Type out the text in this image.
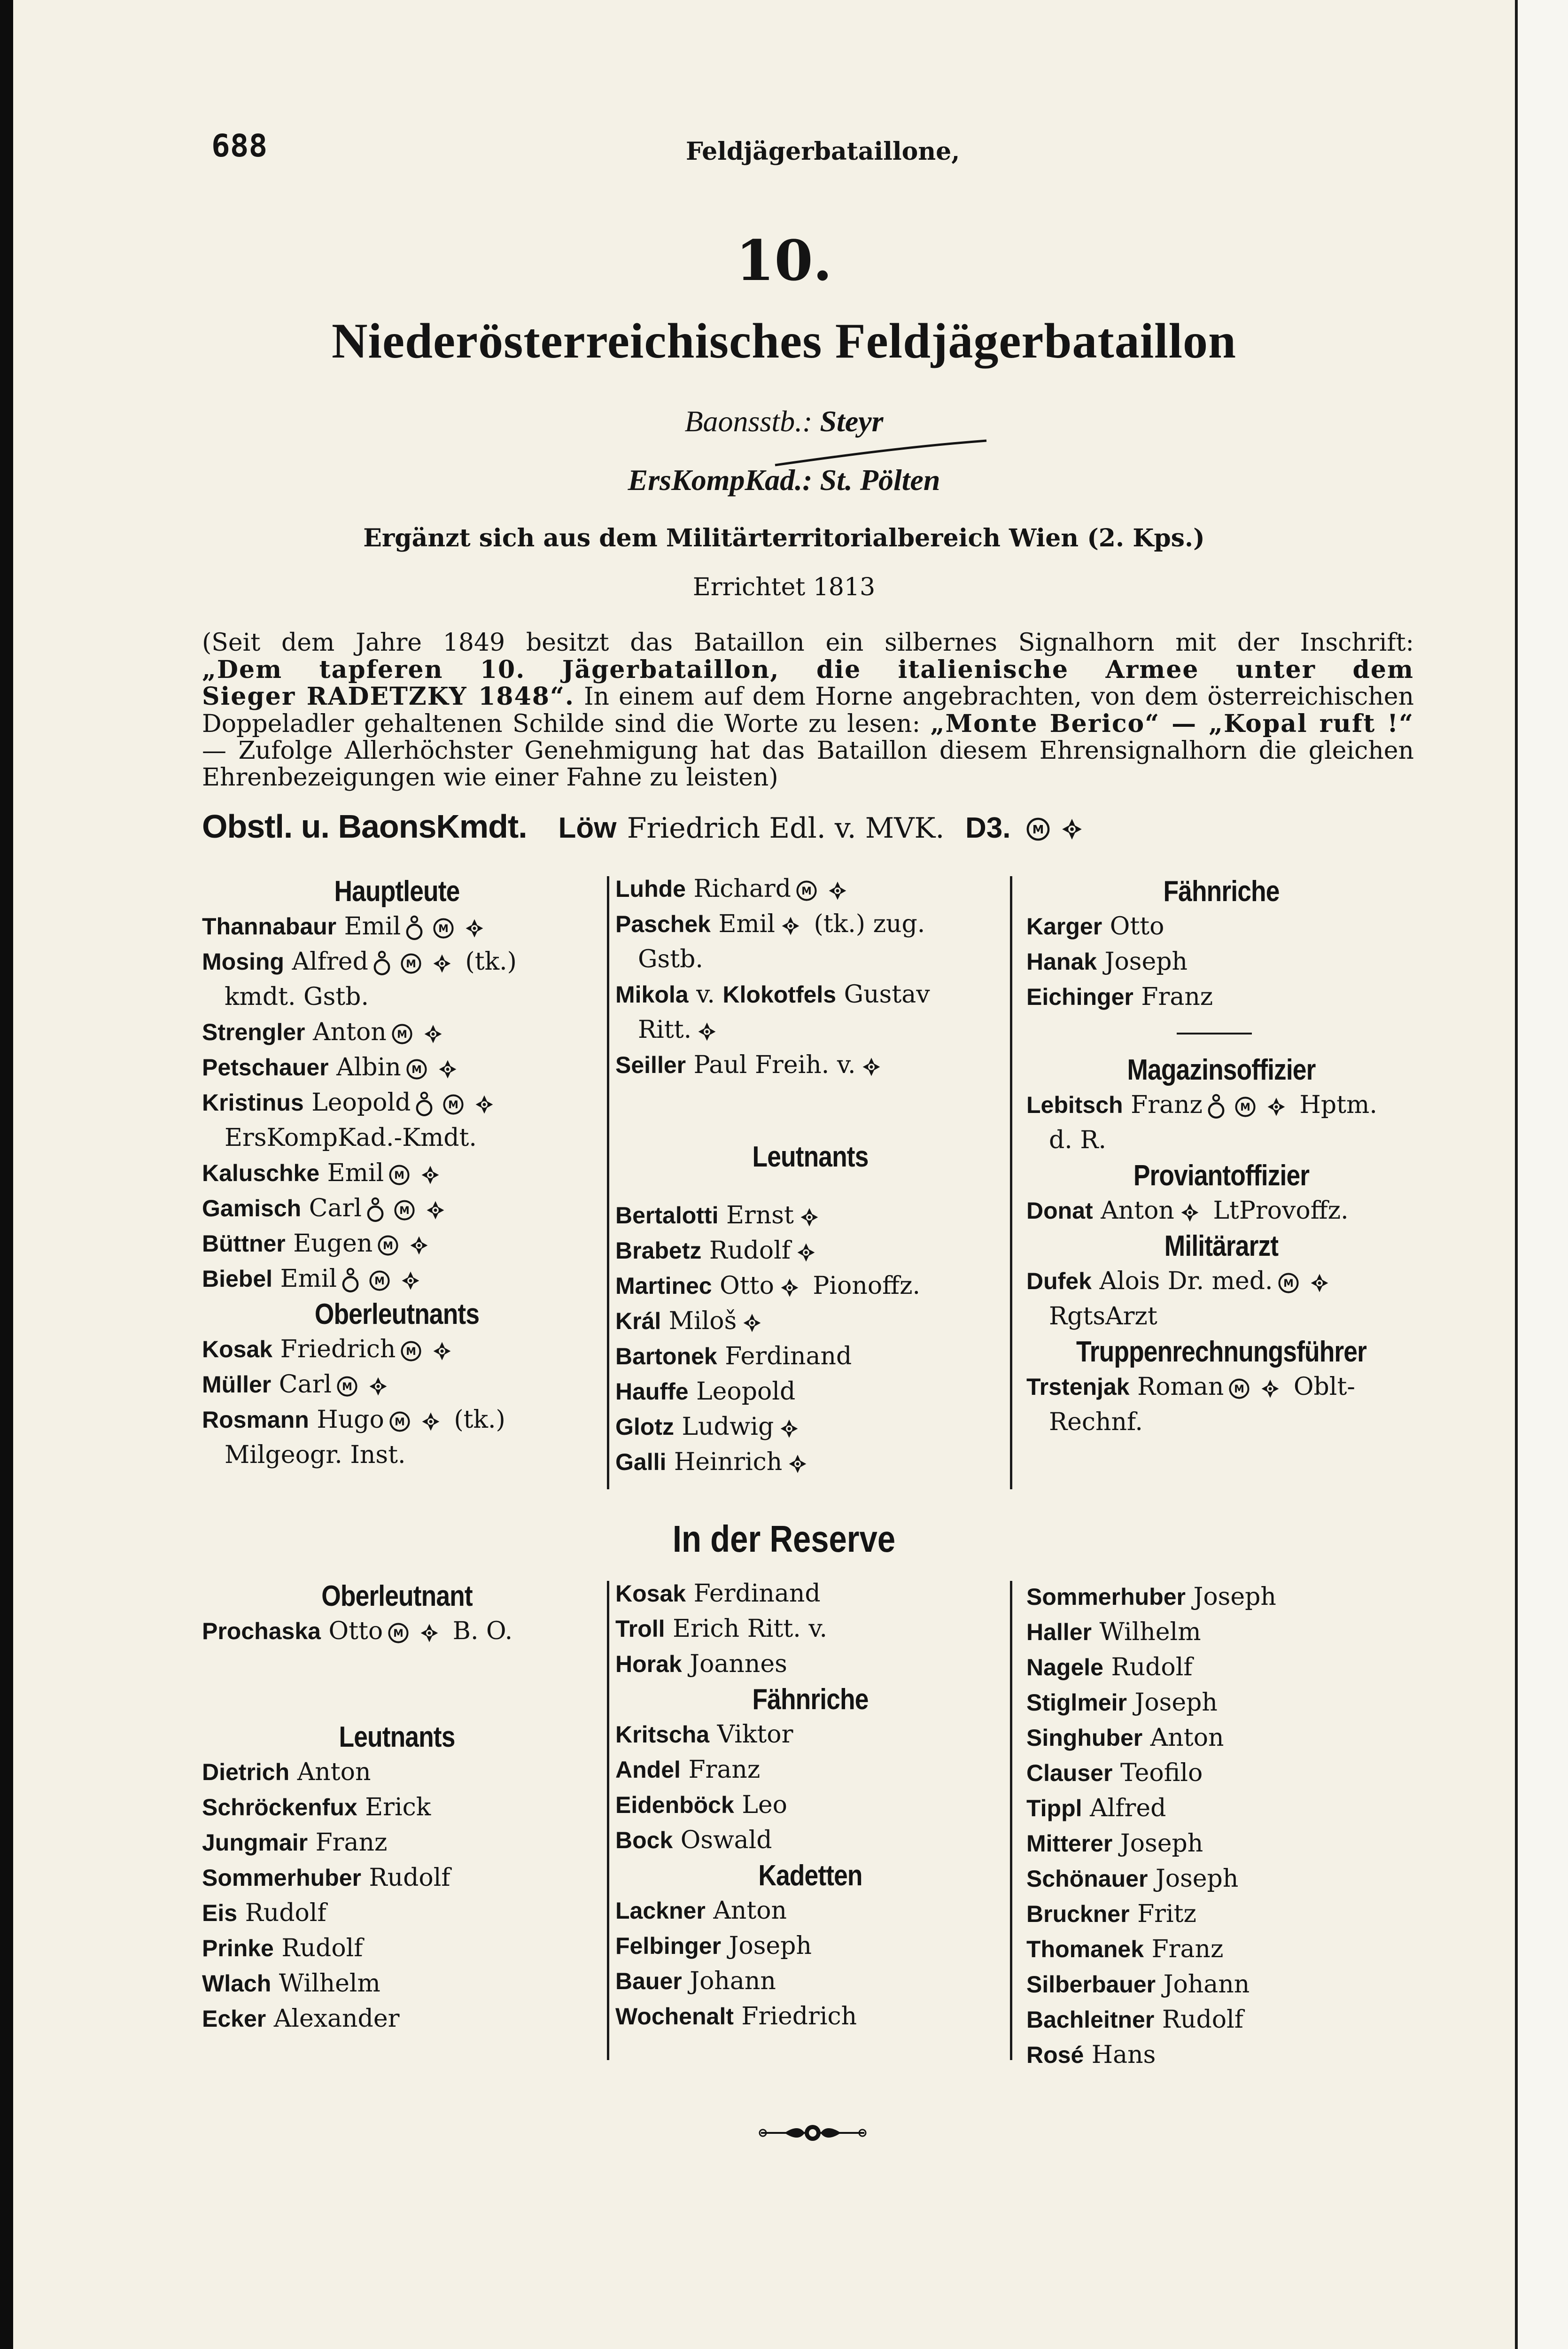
688	Feldjägerbataillone,
10.
Niederösterreichisches Feldjägerbataillon
Baonsstb.: Steyr
ErsKompKad.: St. Pölten
Ergänzt sich aus dem Militärterritorialbereich Wien (2. Kps.)
Errichtet 1813

(Seit dem Jahre 1849 besitzt das Bataillon ein silbernes Signalhorn mit der Inschrift:

„Dem tapferen 10. Jägerbataillon, die italienische Armee unter dem

Sieger RADETZKY 1848“. In einem auf dem Horne angebrachten, von dem österreichischen

Doppeladler gehaltenen Schilde sind die Worte zu lesen: „Monte Berico“ — „Kopal ruft !“

— Zufolge Allerhöchster Genehmigung hat das Bataillon diesem Ehrensignalhorn die gleichen

Ehrenbezeigungen wie einer Fahne zu leisten)

Obstl. u. BaonsKmdt. Löw Friedrich Edl. v. MVK. D3.
Hauptleute
Thannabaur Emil
Mosing Alfred	(tk.)
kmdt. Gstb.
Strengler Anton
Petschauer Albin
Kristinus Leopold
ErsKompKad.-Kmdt.
Kaluschke Emil
Gamisch Carl
Büttner Eugen
Biebel Emil
Oberleutnants
Kosak Friedrich
Müller Carl
Rosmann Hugo	(tk.)
Milgeogr. Inst.
Luhde Richard
Paschek Emil (tk.) zug.
Gstb.
Mikola v. Klokotfels Gustav
Ritt.
Seiller Paul Freih. v.
Leutnants
Bertalotti Ernst
Brabetz Rudolf
Martinec Otto Pionoffz.
Král Miloš
Bartonek Ferdinand
Hauffe Leopold
Glotz Ludwig
Galli Heinrich
Fähnriche
Karger Otto
Hanak Joseph
Eichinger Franz
Magazinsoffizier
Lebitsch Franz	Hptm.
d. R.
Proviantoffizier
Donat Anton LtProvoffz.
Militärarzt
Dufek Alois Dr. med.
RgtsArzt
Truppenrechnungsführer
Trstenjak Roman	Oblt-
Rechnf.
In der Reserve
Oberleutnant
Prochaska Otto	B. O.
Leutnants
Dietrich Anton
Schröckenfux Erick
Jungmair Franz
Sommerhuber Rudolf
Eis Rudolf
Prinke Rudolf
Wlach Wilhelm
Ecker Alexander
Kosak Ferdinand
Troll Erich Ritt. v.
Horak Joannes
Fähnriche
Kritscha Viktor
Andel Franz
Eidenböck Leo
Bock Oswald
Kadetten
Lackner Anton
Felbinger Joseph
Bauer Johann
Wochenalt Friedrich
Sommerhuber Joseph
Haller Wilhelm
Nagele Rudolf
Stiglmeir Joseph
Singhuber Anton
Clauser Teofilo
Tippl Alfred
Mitterer Joseph
Schönauer Joseph
Bruckner Fritz
Thomanek Franz
Silberbauer Johann
Bachleitner Rudolf
Rosé Hans
